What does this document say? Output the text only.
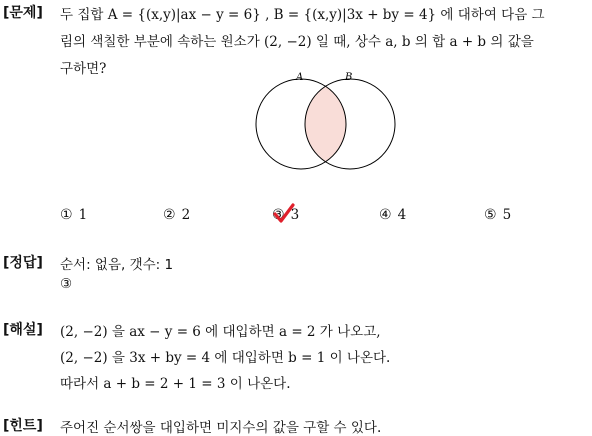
[문제] 두 집합 A = {(x,y)|ax − y = 6} , B = {(x,y)|3x + by = 4} 에 대하여 다음 그
림의 색칠한 부분에 속하는 원소가 (2, −2) 일 때, 상수 a, b 의 합 a + b 의 값을
구하면?
A	B
① 1	② 2	③ 3	④ 4	⑤ 5
[정답] 순서: 없음, 갯수: 1
③
[해설] (2, −2) 을 ax − y = 6 에 대입하면 a = 2 가 나오고,
(2, −2) 을 3x + by = 4 에 대입하면 b = 1 이 나온다.
따라서 a + b = 2 + 1 = 3 이 나온다.
[힌트] 주어진 순서쌍을 대입하면 미지수의 값을 구할 수 있다.
